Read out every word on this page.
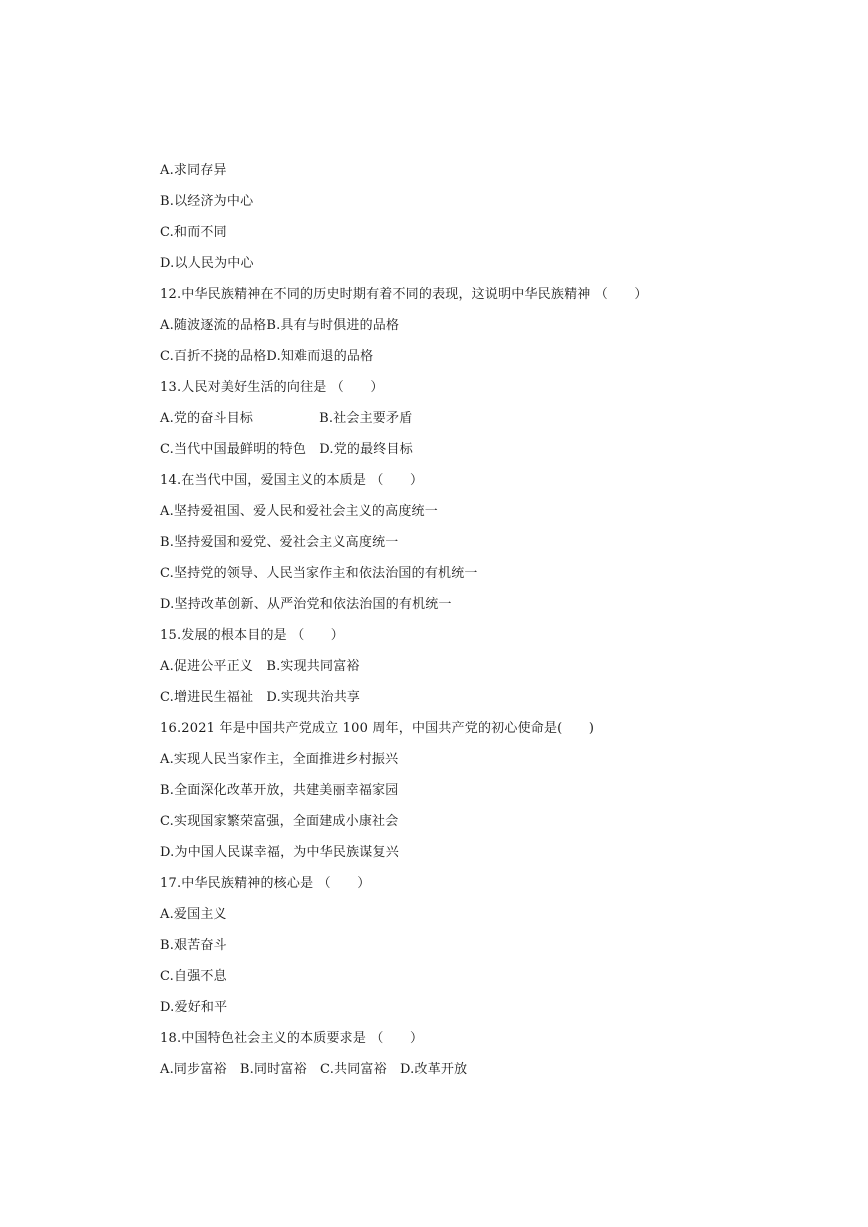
A.求同存异
B.以经济为中心
C.和而不同
D.以人民为中心
12.中华民族精神在不同的历史时期有着不同的表现，这说明中华民族精神 （　　）
A.随波逐流的品格B.具有与时俱进的品格
C.百折不挠的品格D.知难而退的品格
13.人民对美好生活的向往是 （　　）
A.党的奋斗目标　　　　　B.社会主要矛盾
C.当代中国最鲜明的特色　D.党的最终目标
14.在当代中国，爱国主义的本质是 （　　）
A.坚持爱祖国、爱人民和爱社会主义的高度统一
B.坚持爱国和爱党、爱社会主义高度统一
C.坚持党的领导、人民当家作主和依法治国的有机统一
D.坚持改革创新、从严治党和依法治国的有机统一
15.发展的根本目的是 （　　）
A.促进公平正义　B.实现共同富裕
C.增进民生福祉　D.实现共治共享
16.2021 年是中国共产党成立 100 周年，中国共产党的初心使命是(　　)
A.实现人民当家作主，全面推进乡村振兴
B.全面深化改革开放，共建美丽幸福家园
C.实现国家繁荣富强，全面建成小康社会
D.为中国人民谋幸福，为中华民族谋复兴
17.中华民族精神的核心是 （　　）
A.爱国主义
B.艰苦奋斗
C.自强不息
D.爱好和平
18.中国特色社会主义的本质要求是 （　　）
A.同步富裕　B.同时富裕　C.共同富裕　D.改革开放
